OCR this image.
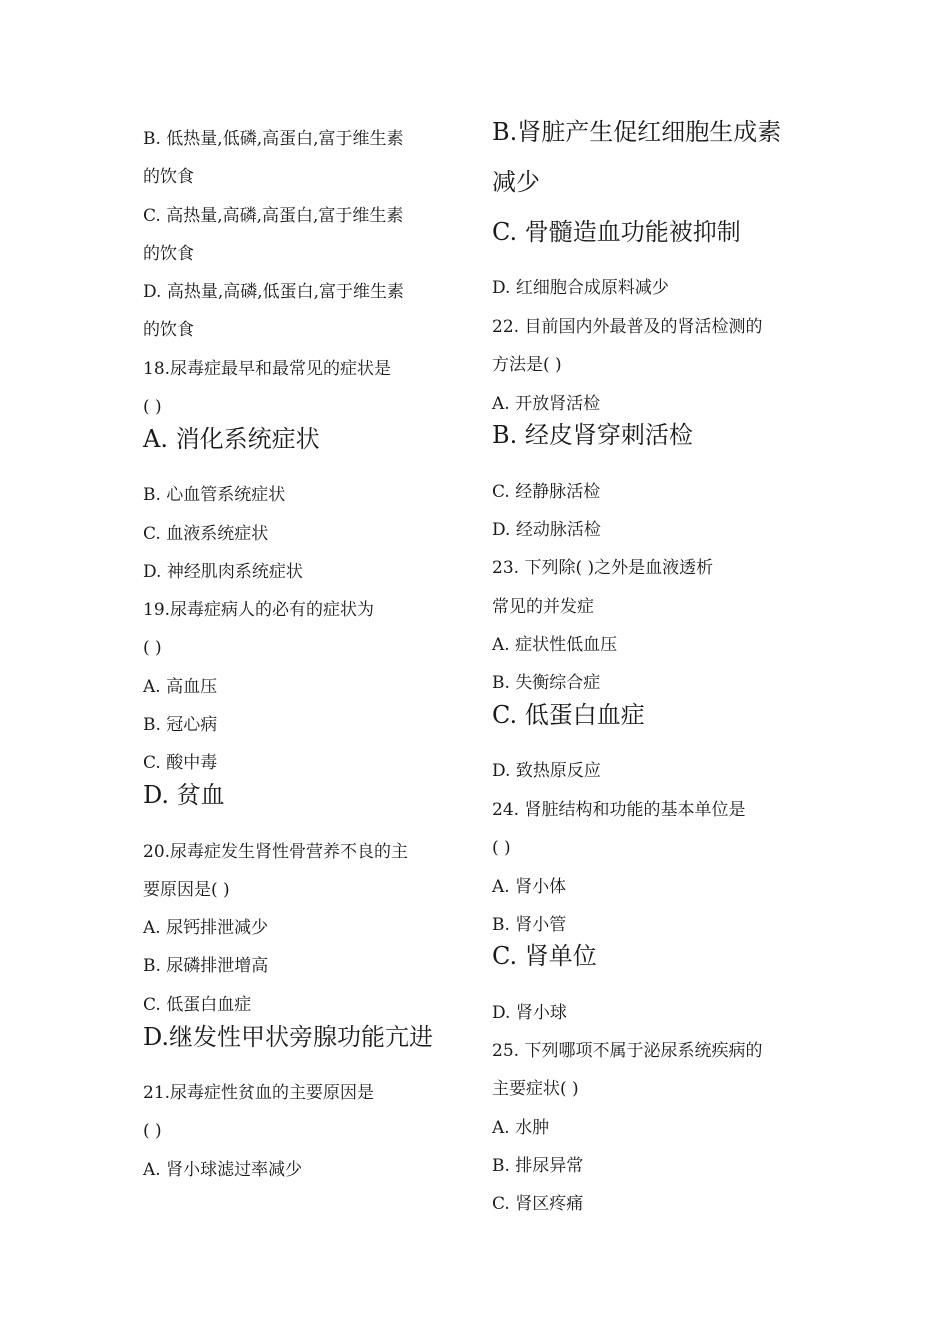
B. 低热量,低磷,高蛋白,富于维生素
的饮食
C. 高热量,高磷,高蛋白,富于维生素
的饮食
D. 高热量,高磷,低蛋白,富于维生素
的饮食
18.尿毒症最早和最常见的症状是
( )
A. 消化系统症状
B. 心血管系统症状
C. 血液系统症状
D. 神经肌肉系统症状
19.尿毒症病人的必有的症状为
( )
A. 高血压
B. 冠心病
C. 酸中毒
D. 贫血
20.尿毒症发生肾性骨营养不良的主
要原因是( )
A. 尿钙排泄减少
B. 尿磷排泄增高
C. 低蛋白血症
D.继发性甲状旁腺功能亢进
21.尿毒症性贫血的主要原因是
( )
A. 肾小球滤过率减少
B.肾脏产生促红细胞生成素
减少
C. 骨髓造血功能被抑制
D. 红细胞合成原料减少
22. 目前国内外最普及的肾活检测的
方法是( )
A. 开放肾活检
B. 经皮肾穿刺活检
C. 经静脉活检
D. 经动脉活检
23. 下列除( )之外是血液透析
常见的并发症
A. 症状性低血压
B. 失衡综合症
C. 低蛋白血症
D. 致热原反应
24. 肾脏结构和功能的基本单位是
( )
A. 肾小体
B. 肾小管
C. 肾单位
D. 肾小球
25. 下列哪项不属于泌尿系统疾病的
主要症状( )
A. 水肿
B. 排尿异常
C. 肾区疼痛
